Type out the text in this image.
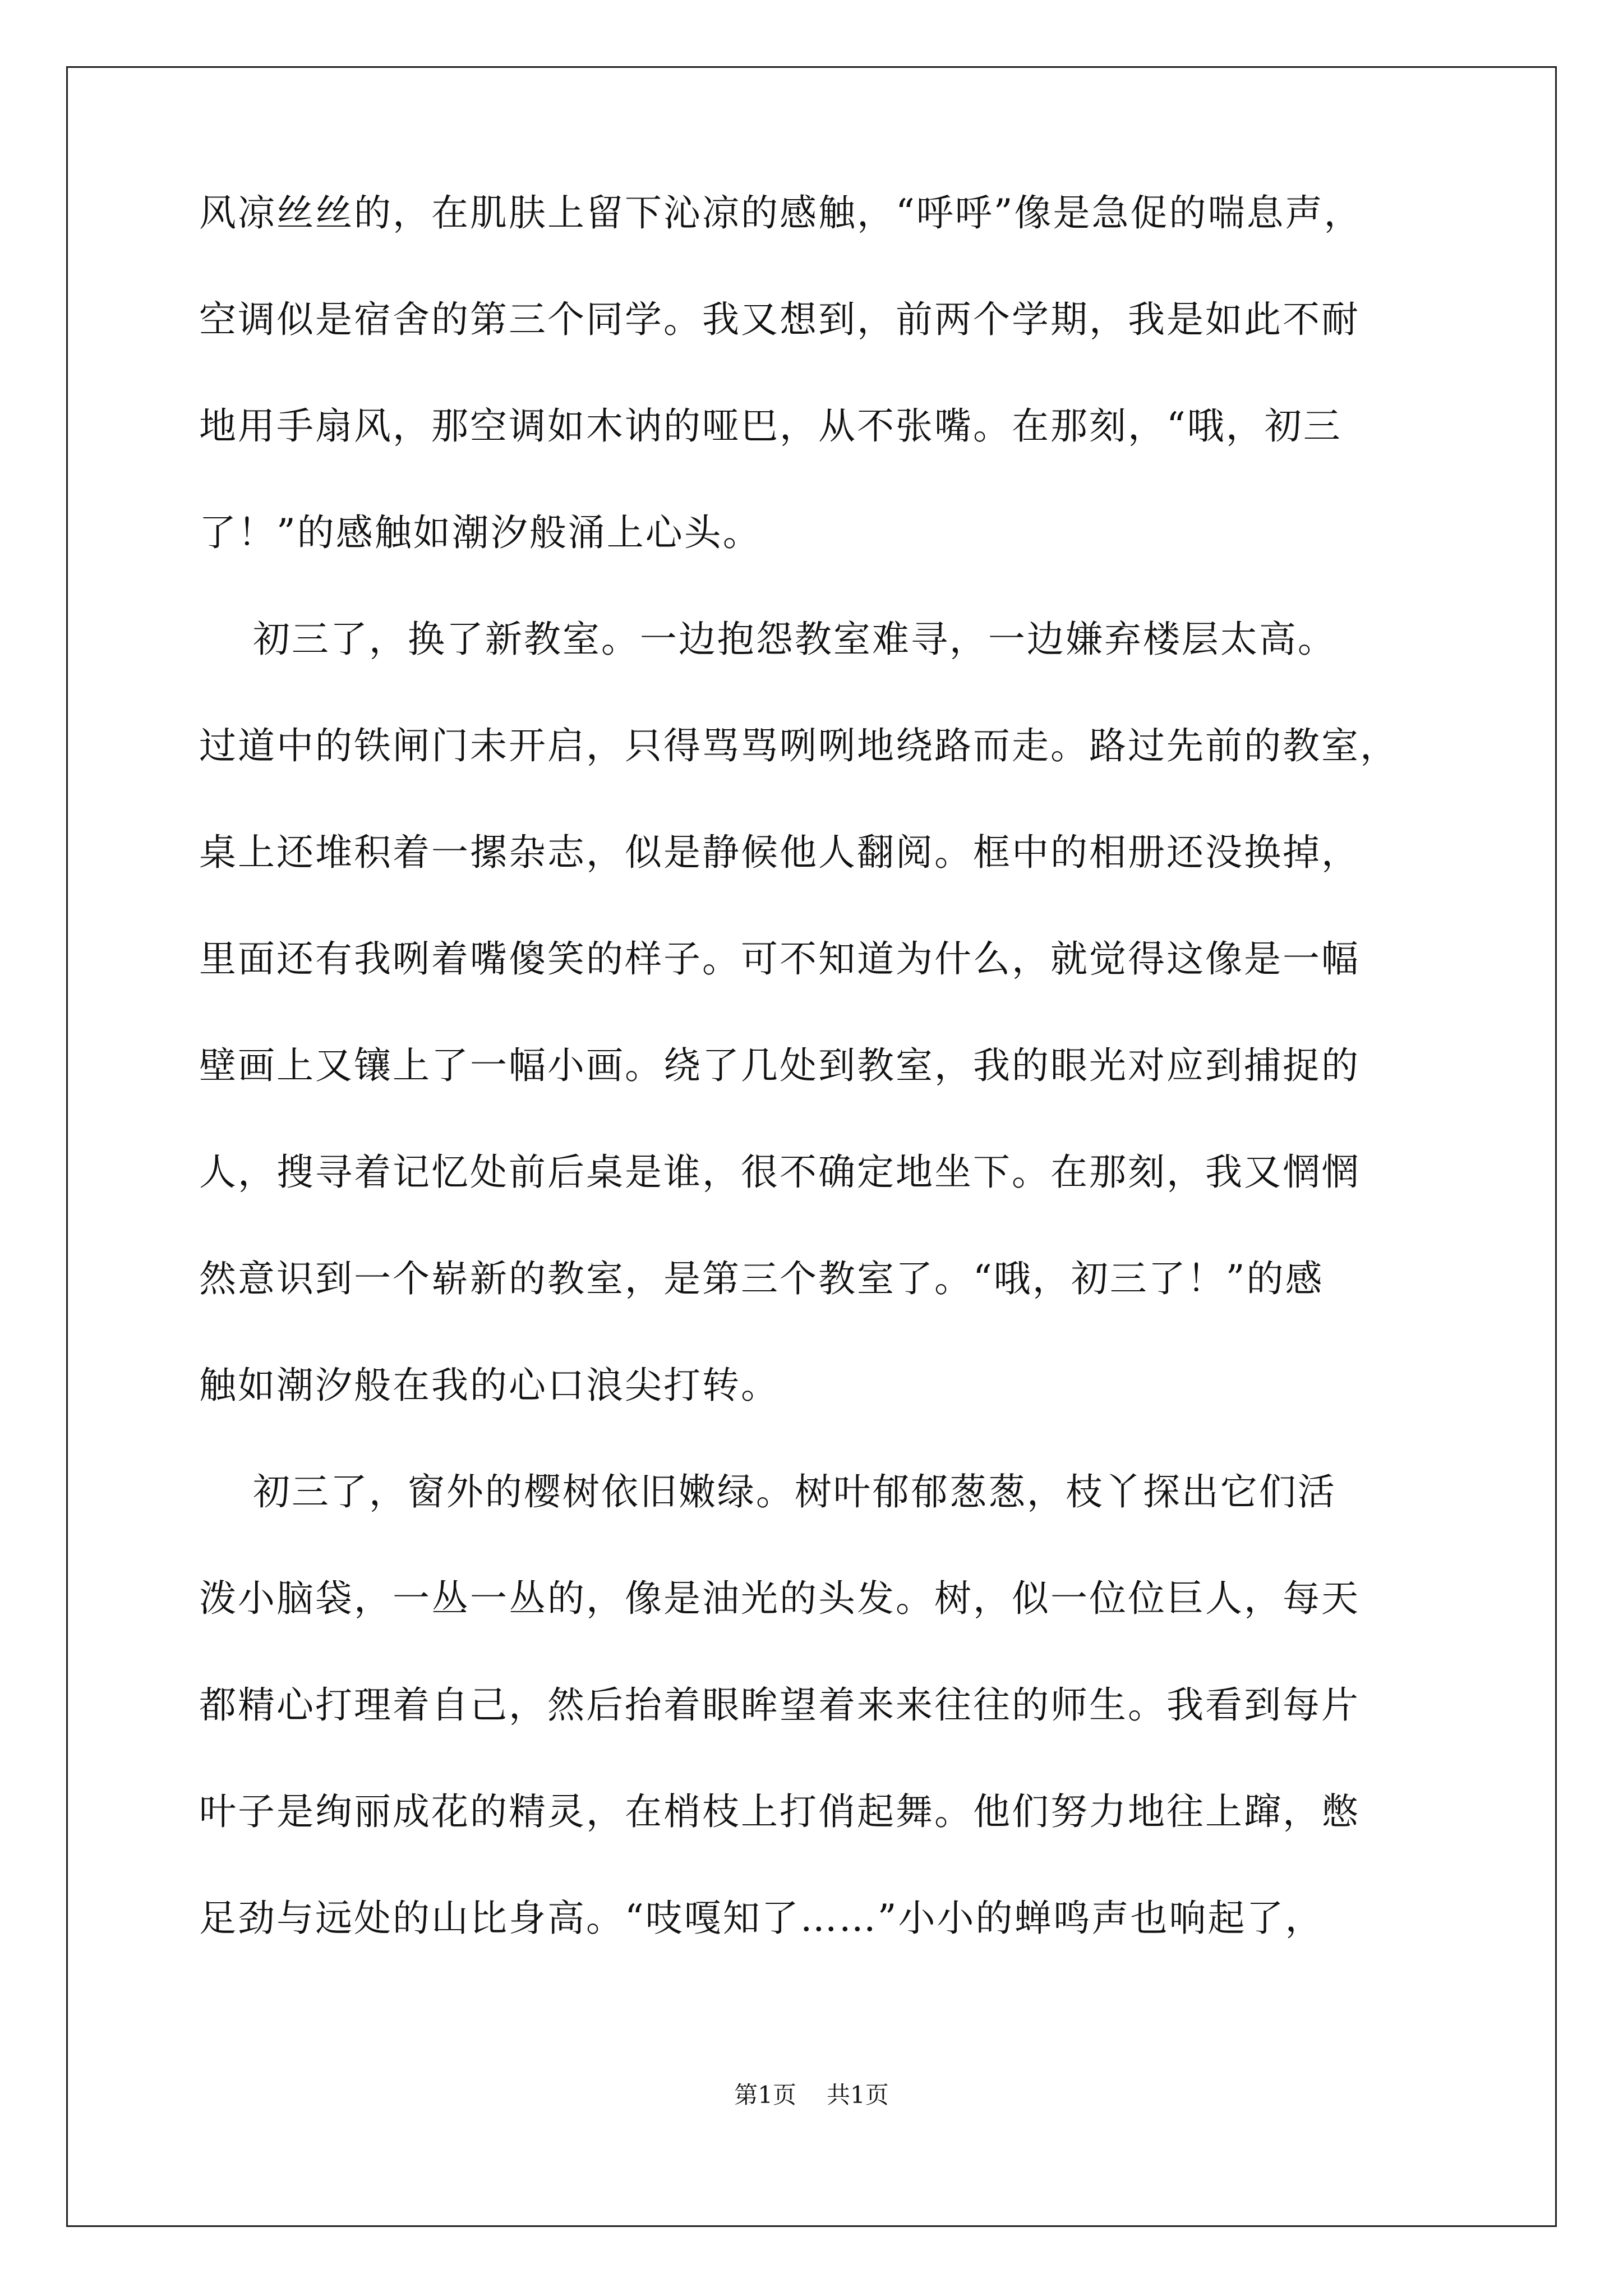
风凉丝丝的，在肌肤上留下沁凉的感触，“呼呼”像是急促的喘息声，
空调似是宿舍的第三个同学。我又想到，前两个学期，我是如此不耐
地用手扇风，那空调如木讷的哑巴，从不张嘴。在那刻，“哦，初三
了！”的感触如潮汐般涌上心头。
初三了，换了新教室。一边抱怨教室难寻，一边嫌弃楼层太高。
过道中的铁闸门未开启，只得骂骂咧咧地绕路而走。路过先前的教室，
桌上还堆积着一摞杂志，似是静候他人翻阅。框中的相册还没换掉，
里面还有我咧着嘴傻笑的样子。可不知道为什么，就觉得这像是一幅
壁画上又镶上了一幅小画。绕了几处到教室，我的眼光对应到捕捉的
人，搜寻着记忆处前后桌是谁，很不确定地坐下。在那刻，我又惘惘
然意识到一个崭新的教室，是第三个教室了。“哦，初三了！”的感
触如潮汐般在我的心口浪尖打转。
初三了，窗外的樱树依旧嫩绿。树叶郁郁葱葱，枝丫探出它们活
泼小脑袋，一丛一丛的，像是油光的头发。树，似一位位巨人，每天
都精心打理着自己，然后抬着眼眸望着来来往往的师生。我看到每片
叶子是绚丽成花的精灵，在梢枝上打俏起舞。他们努力地往上蹿，憋
足劲与远处的山比身高。“吱嘎知了……”小小的蝉鸣声也响起了，
第1页 共1页
